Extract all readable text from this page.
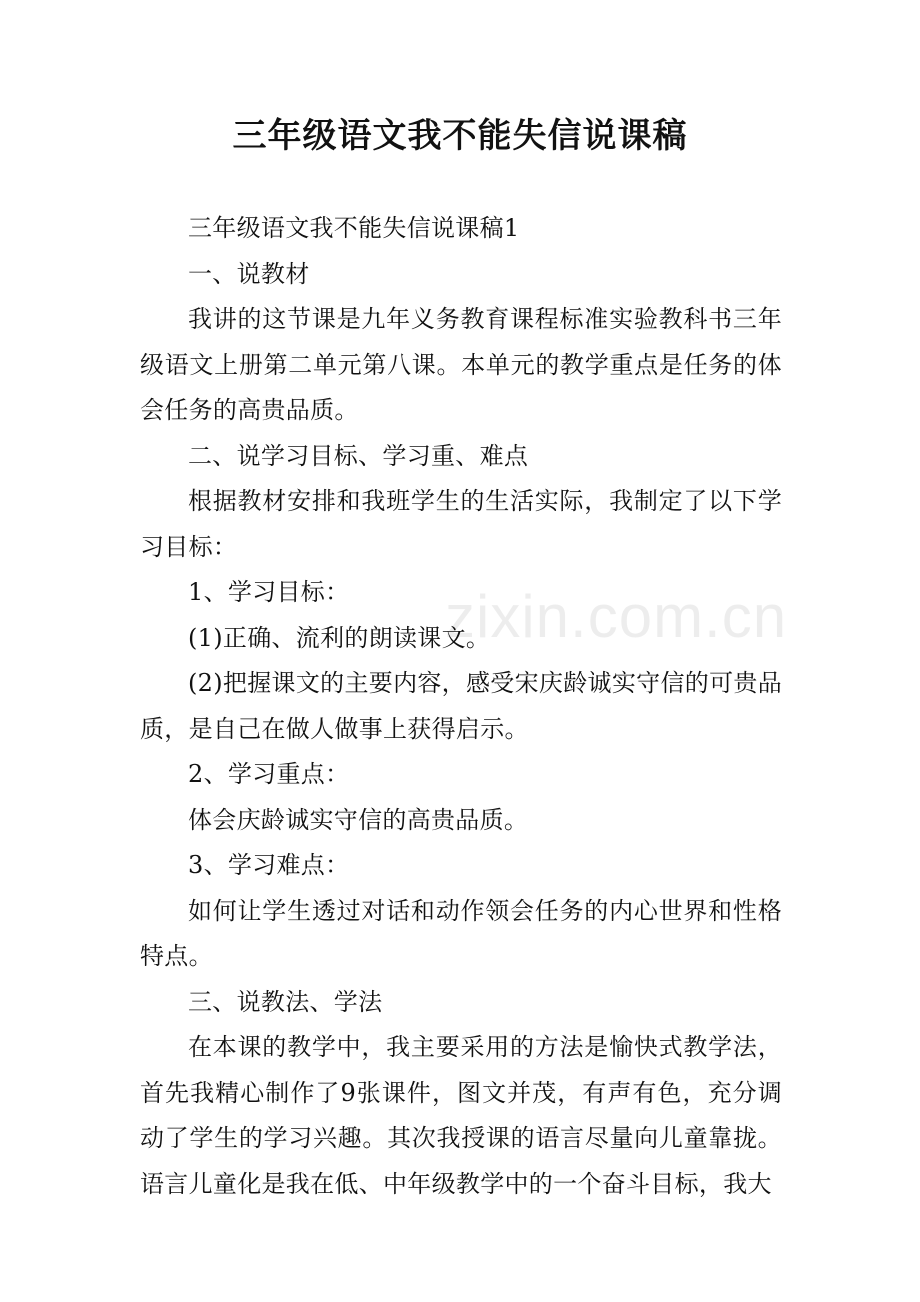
三年级语文我不能失信说课稿

三年级语文我不能失信说课稿1

一、说教材

我讲的这节课是九年义务教育课程标准实验教科书三年级语文上册第二单元第八课。本单元的教学重点是任务的体会任务的高贵品质。

二、说学习目标、学习重、难点

根据教材安排和我班学生的生活实际，我制定了以下学习目标：

1、学习目标：

(1)正确、流利的朗读课文。

(2)把握课文的主要内容，感受宋庆龄诚实守信的可贵品质，是自己在做人做事上获得启示。

2、学习重点：

体会庆龄诚实守信的高贵品质。

3、学习难点：

如何让学生透过对话和动作领会任务的内心世界和性格特点。

三、说教法、学法

在本课的教学中，我主要采用的方法是愉快式教学法，首先我精心制作了9张课件，图文并茂，有声有色，充分调动了学生的学习兴趣。其次我授课的语言尽量向儿童靠拢。语言儿童化是我在低、中年级教学中的一个奋斗目标，我大

zixin.com.cn
